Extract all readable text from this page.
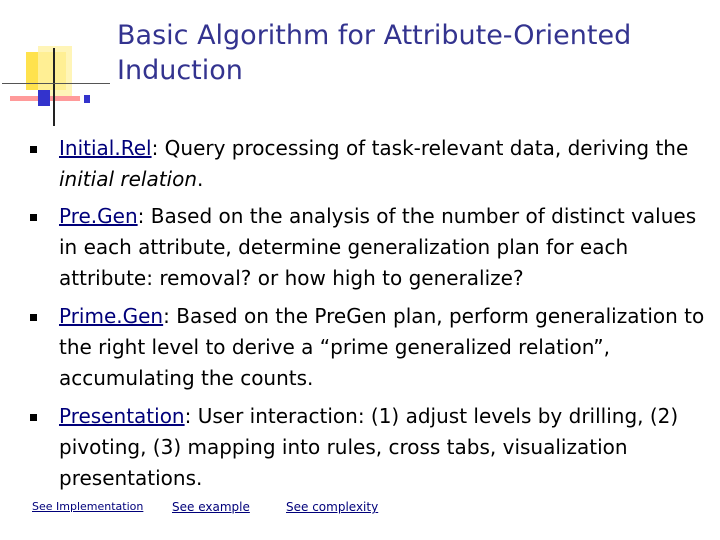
Basic Algorithm for Attribute-Oriented Induction
Initial.Rel: Query processing of task-relevant data, deriving the initial relation.
Pre.Gen: Based on the analysis of the number of distinct values in each attribute, determine generalization plan for each attribute: removal? or how high to generalize?
Prime.Gen: Based on the PreGen plan, perform generalization to the right level to derive a “prime generalized relation”, accumulating the counts.
Presentation: User interaction: (1) adjust levels by drilling, (2) pivoting, (3) mapping into rules, cross tabs, visualization presentations.
See Implementation See example	See complexity
